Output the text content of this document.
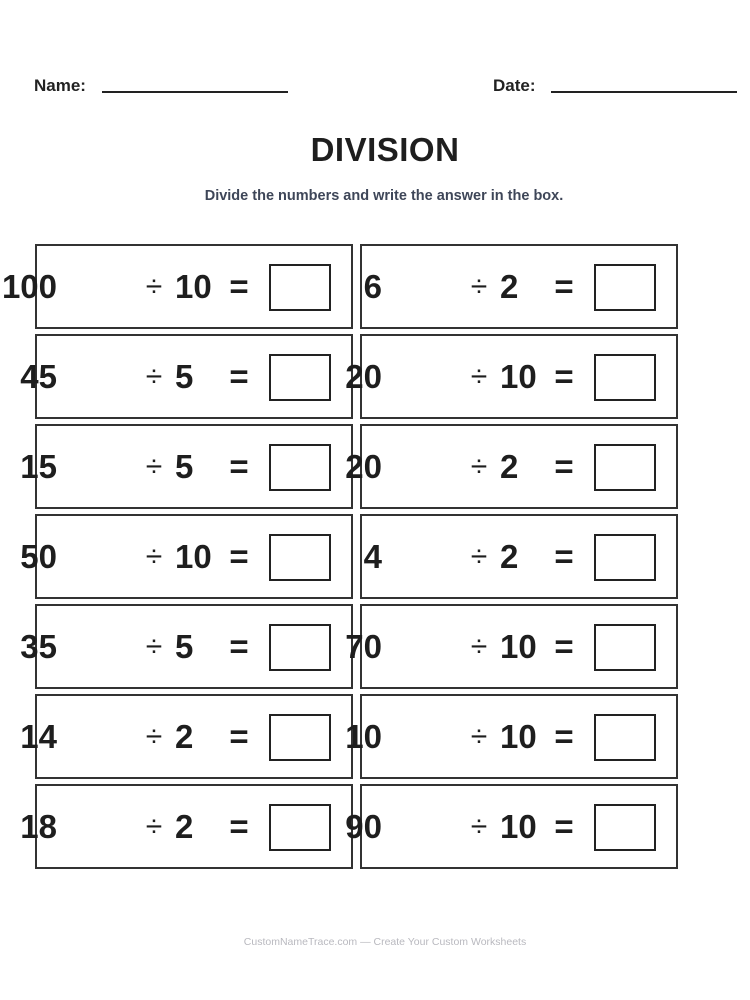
Name:	Date:
DIVISION
Divide the numbers and write the answer in the box.
100	÷ 10 =	6	÷ 2 =
45	÷ 5 =	20	÷ 10 =
15	÷ 5 =	20	÷ 2 =
50	÷ 10 =	4	÷ 2 =
35	÷ 5 =	70	÷ 10 =
14	÷ 2 =	10	÷ 10 =
18	÷ 2 =	90	÷ 10 =
CustomNameTrace.com — Create Your Custom Worksheets
